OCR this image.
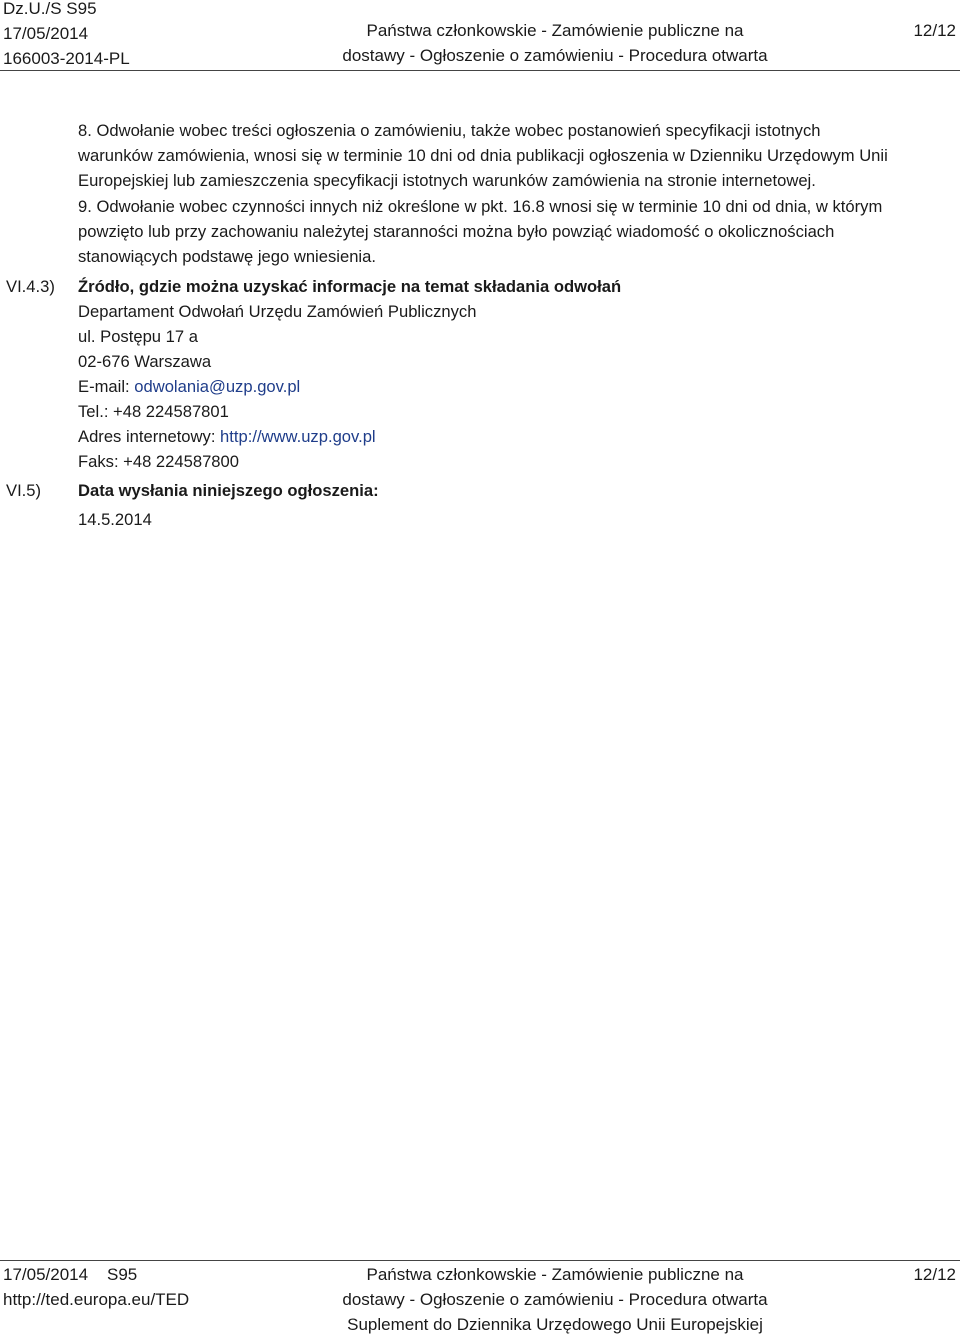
Dz.U./S S95
17/05/2014
166003-2014-PL
Państwa członkowskie - Zamówienie publiczne na
dostawy - Ogłoszenie o zamówieniu - Procedura otwarta
12/12
8. Odwołanie wobec treści ogłoszenia o zamówieniu, także wobec postanowień specyfikacji istotnych
warunków zamówienia, wnosi się w terminie 10 dni od dnia publikacji ogłoszenia w Dzienniku Urzędowym Unii
Europejskiej lub zamieszczenia specyfikacji istotnych warunków zamówienia na stronie internetowej.
9. Odwołanie wobec czynności innych niż określone w pkt. 16.8 wnosi się w terminie 10 dni od dnia, w którym
powzięto lub przy zachowaniu należytej staranności można było powziąć wiadomość o okolicznościach
stanowiących podstawę jego wniesienia.
VI.4.3) Źródło, gdzie można uzyskać informacje na temat składania odwołań
Departament Odwołań Urzędu Zamówień Publicznych
ul. Postępu 17 a
02-676 Warszawa
E-mail: odwolania@uzp.gov.pl
Tel.: +48 224587801
Adres internetowy: http://www.uzp.gov.pl
Faks: +48 224587800
VI.5) Data wysłania niniejszego ogłoszenia:
14.5.2014
17/05/2014    S95
http://ted.europa.eu/TED
Państwa członkowskie - Zamówienie publiczne na
dostawy - Ogłoszenie o zamówieniu - Procedura otwarta
Suplement do Dziennika Urzędowego Unii Europejskiej
12/12
